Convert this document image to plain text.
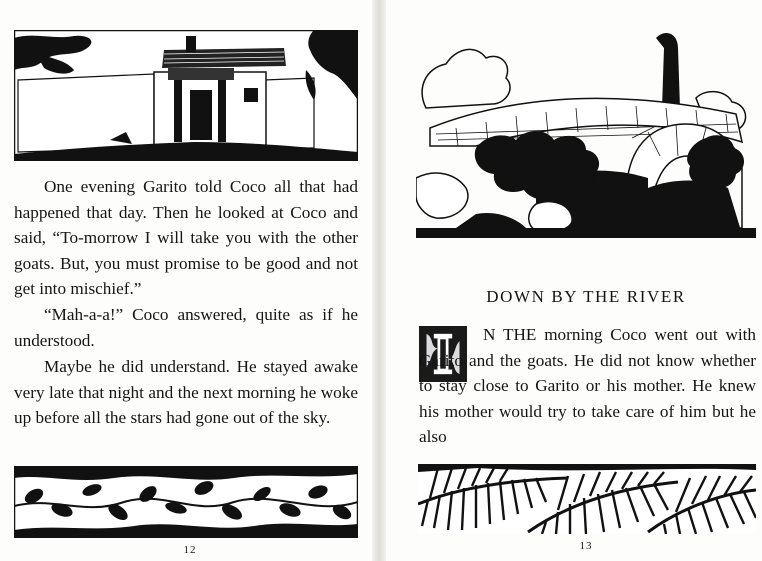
One evening Garito told Coco all that had happened that day. Then he looked at Coco and said, “To-morrow I will take you with the other goats. But, you must promise to be good and not get into mischief.”

“Mah-a-a!” Coco answered, quite as if he understood.

Maybe he did understand. He stayed awake very late that night and the next morning he woke up before all the stars had gone out of the sky.

12
DOWN BY THE RIVER

N THE morning Coco went out with Garito and the goats. He did not know whether to stay close to Garito or his mother. He knew his mother would try to take care of him but he also

13
